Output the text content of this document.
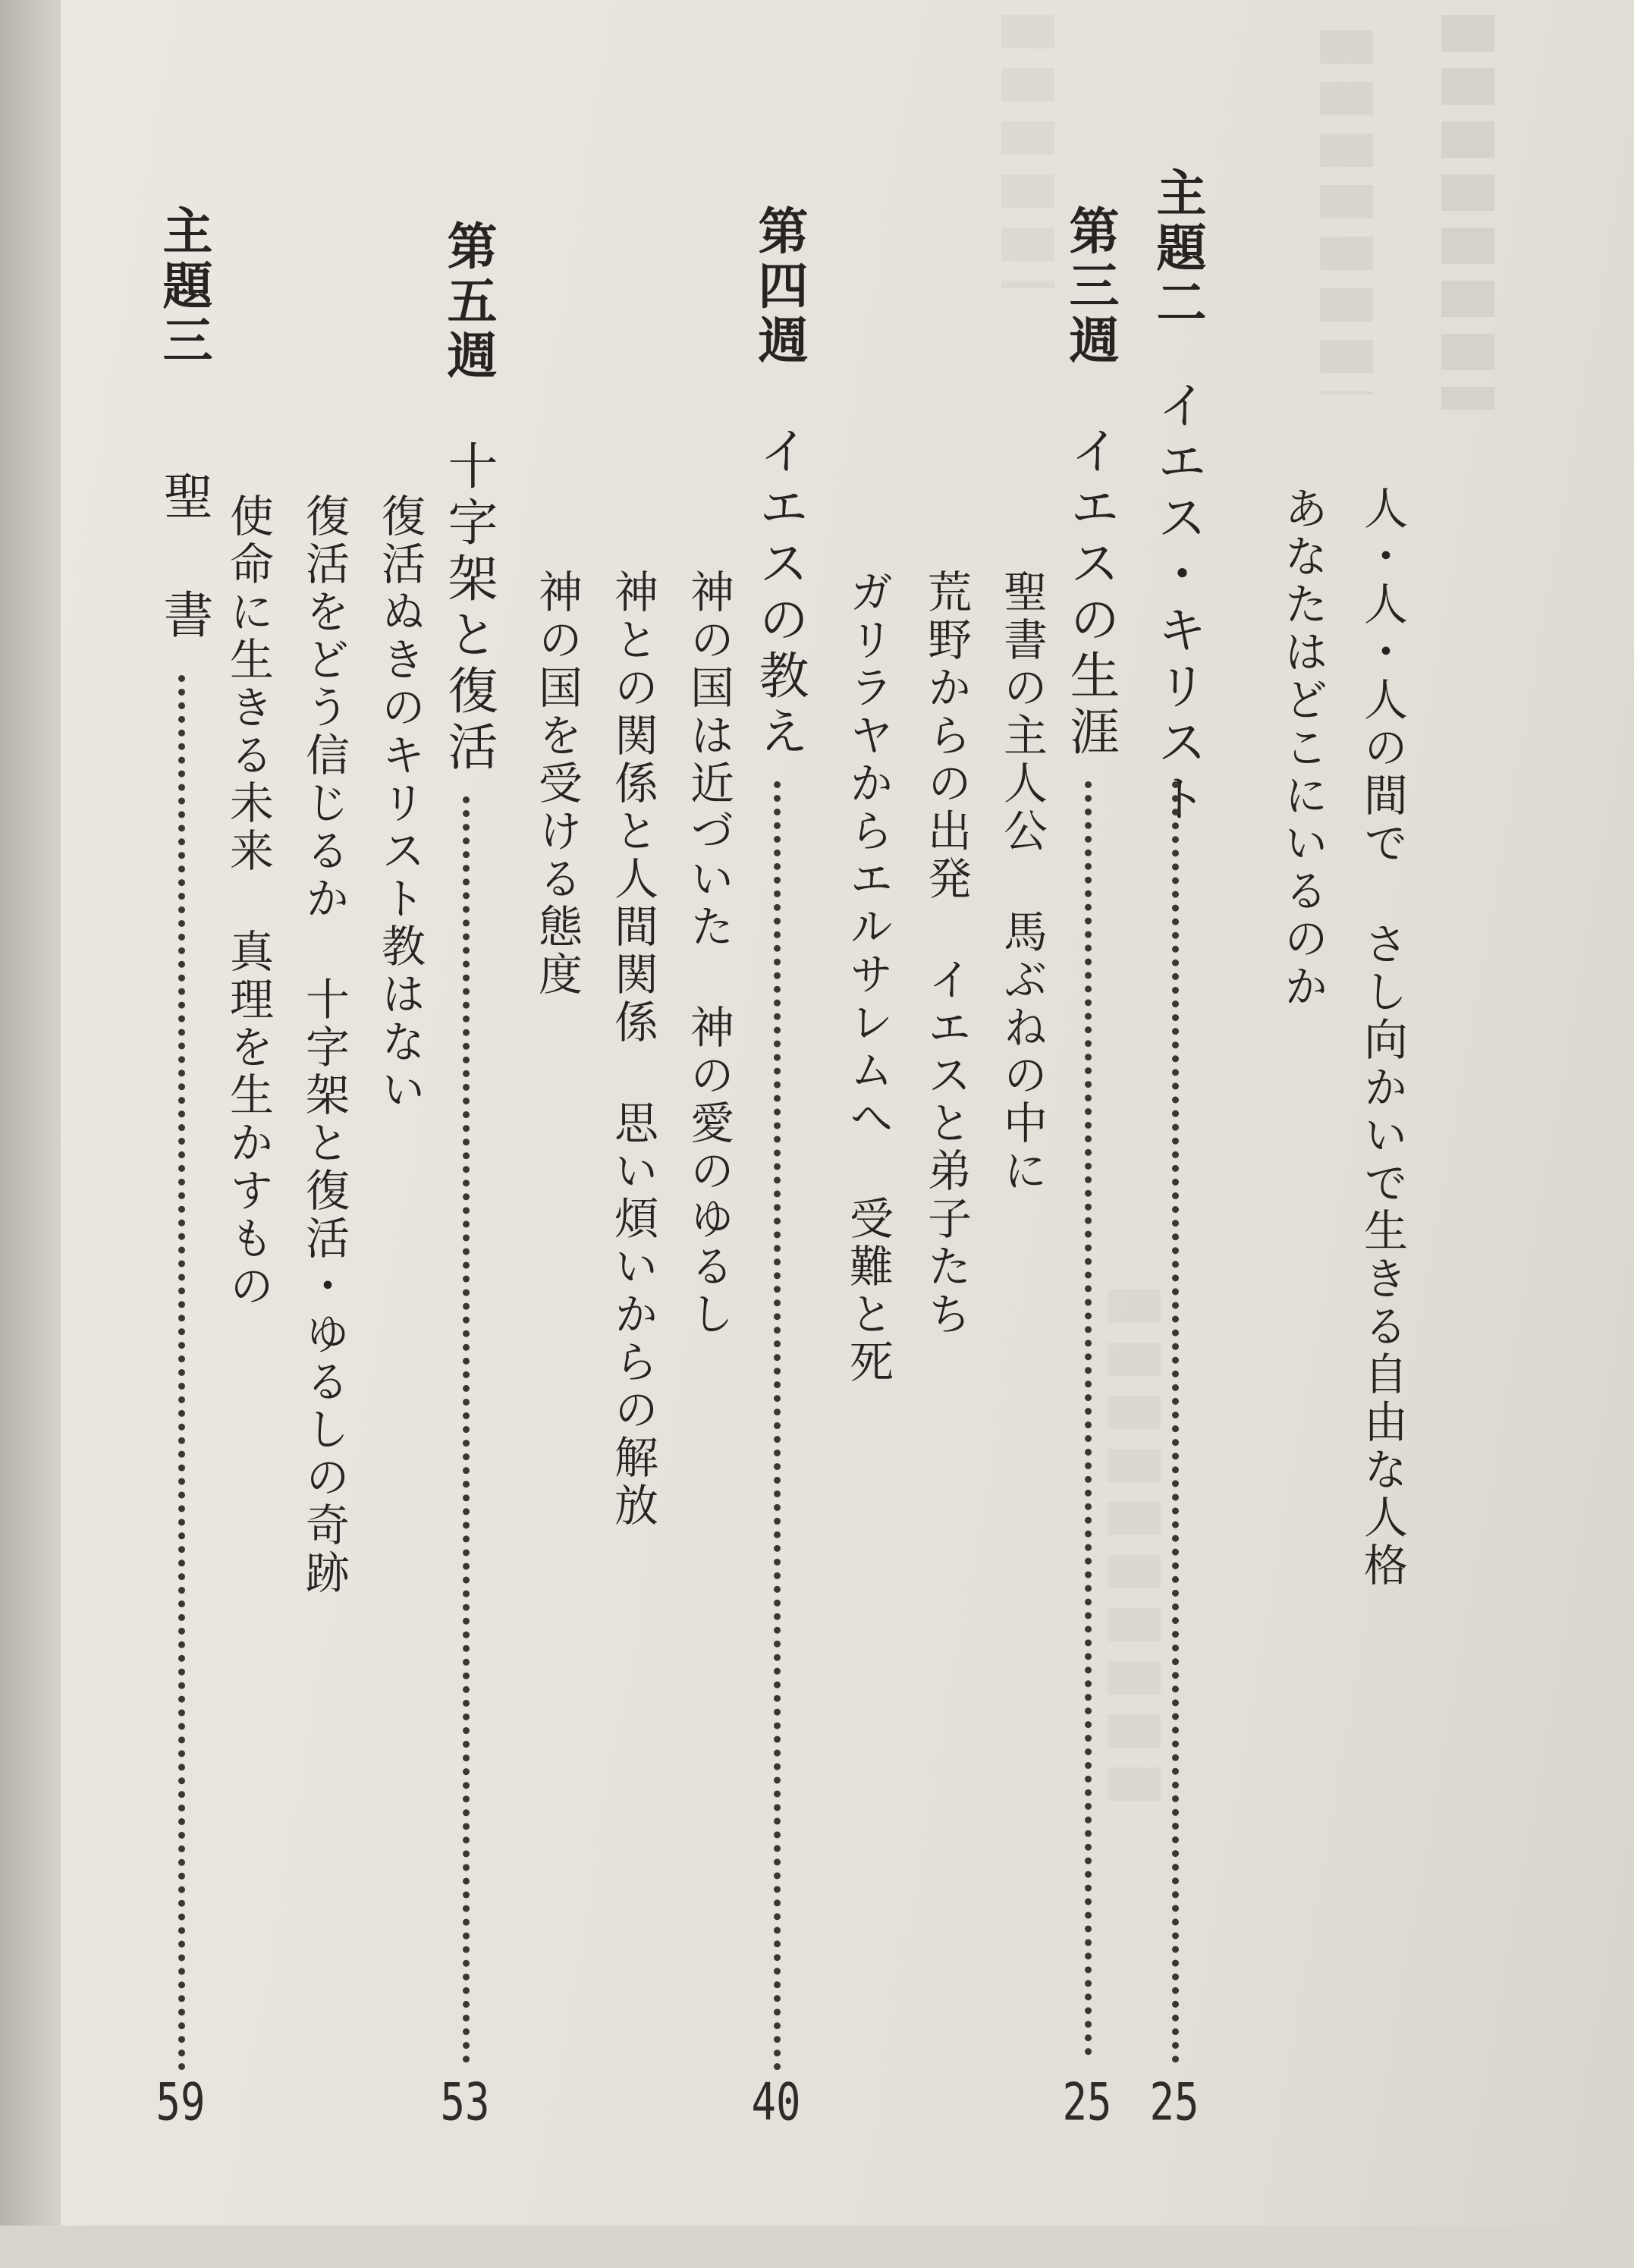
主題二
イエス・キリスト
25
人・人・人の間でさし向かいで生きる自由な人格
あなたはどこにいるのか
第三週
イエスの生涯
25
聖書の主人公馬ぶねの中に
荒野からの出発イエスと弟子たち
ガリラヤからエルサレムへ受難と死
第四週
イエスの教え
40
神の国は近づいた神の愛のゆるし
神との関係と人間関係思い煩いからの解放
神の国を受ける態度
第五週
十字架と復活
53
復活ぬきのキリスト教はない
復活をどう信じるか十字架と復活・ゆるしの奇跡
使命に生きる未来真理を生かすもの
主題三
聖　書
59
